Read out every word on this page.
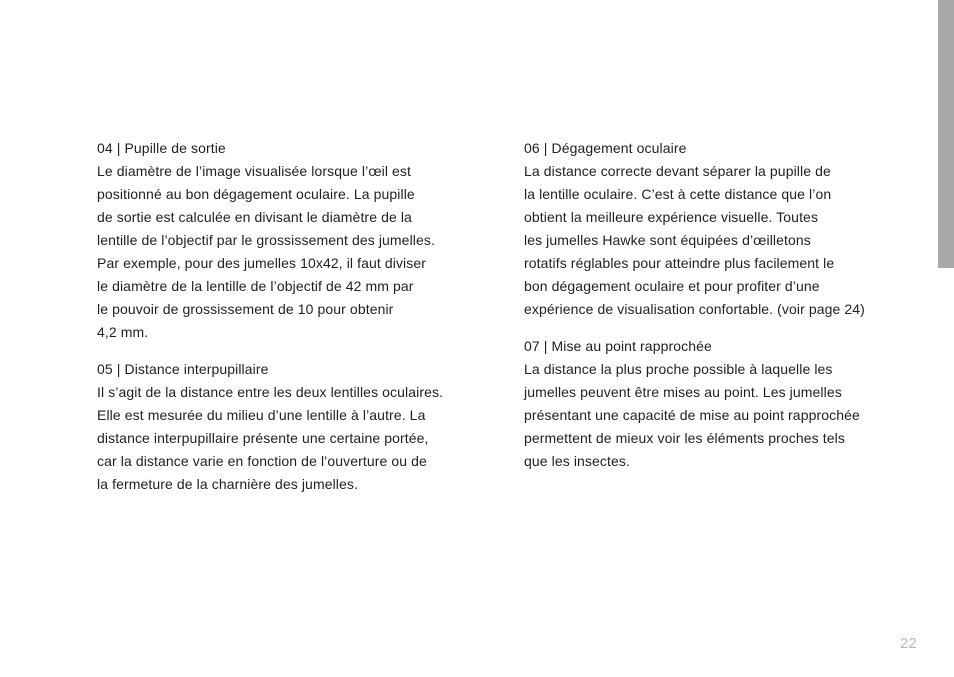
04 | Pupille de sortie
Le diamètre de l’image visualisée lorsque l’œil est
positionné au bon dégagement oculaire. La pupille
de sortie est calculée en divisant le diamètre de la
lentille de l’objectif par le grossissement des jumelles.
Par exemple, pour des jumelles 10x42, il faut diviser
le diamètre de la lentille de l’objectif de 42 mm par
le pouvoir de grossissement de 10 pour obtenir
4,2 mm.
05 | Distance interpupillaire
Il s’agit de la distance entre les deux lentilles oculaires.
Elle est mesurée du milieu d’une lentille à l’autre. La
distance interpupillaire présente une certaine portée,
car la distance varie en fonction de l’ouverture ou de
la fermeture de la charnière des jumelles.
06 | Dégagement oculaire
La distance correcte devant séparer la pupille de
la lentille oculaire. C’est à cette distance que l’on
obtient la meilleure expérience visuelle. Toutes
les jumelles Hawke sont équipées d’œilletons
rotatifs réglables pour atteindre plus facilement le
bon dégagement oculaire et pour profiter d’une
expérience de visualisation confortable. (voir page 24)
07 | Mise au point rapprochée
La distance la plus proche possible à laquelle les
jumelles peuvent être mises au point. Les jumelles
présentant une capacité de mise au point rapprochée
permettent de mieux voir les éléments proches tels
que les insectes.
22
